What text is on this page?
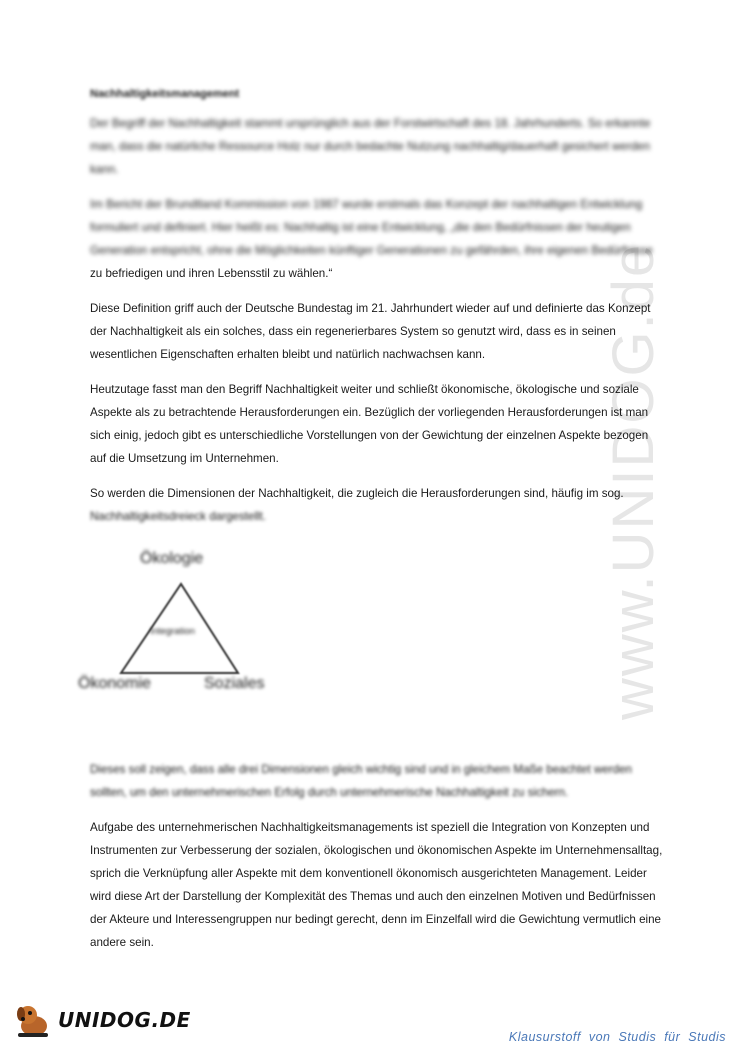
www.UNIDOG.de
Nachhaltigkeitsmanagement

Der Begriff der Nachhaltigkeit stammt ursprünglich aus der Forstwirtschaft des 18. Jahrhunderts. So erkannte man, dass die natürliche Ressource Holz nur durch bedachte Nutzung nachhaltig/dauerhaft gesichert werden kann.

Im Bericht der Brundtland Kommission von 1987 wurde erstmals das Konzept der nachhaltigen Entwicklung formuliert und definiert. Hier heißt es: Nachhaltig ist eine Entwicklung, „die den Bedürfnissen der heutigen Generation entspricht, ohne die Möglichkeiten künftiger Generationen zu gefährden, ihre eigenen Bedürfnisse zu befriedigen und ihren Lebensstil zu wählen.“

Diese Definition griff auch der Deutsche Bundestag im 21. Jahrhundert wieder auf und definierte das Konzept der Nachhaltigkeit als ein solches, dass ein regenerierbares System so genutzt wird, dass es in seinen wesentlichen Eigenschaften erhalten bleibt und natürlich nachwachsen kann.

Heutzutage fasst man den Begriff Nachhaltigkeit weiter und schließt ökonomische, ökologische und soziale Aspekte als zu betrachtende Herausforderungen ein. Bezüglich der vorliegenden Herausforderungen ist man sich einig, jedoch gibt es unterschiedliche Vorstellungen von der Gewichtung der einzelnen Aspekte bezogen auf die Umsetzung im Unternehmen.

So werden die Dimensionen der Nachhaltigkeit, die zugleich die Herausforderungen sind, häufig im sog. Nachhaltigkeitsdreieck dargestellt.

Ökologie
Integration
Ökonomie	Soziales

Dieses soll zeigen, dass alle drei Dimensionen gleich wichtig sind und in gleichem Maße beachtet werden sollten, um den unternehmerischen Erfolg durch unternehmerische Nachhaltigkeit zu sichern.

Aufgabe des unternehmerischen Nachhaltigkeitsmanagements ist speziell die Integration von Konzepten und Instrumenten zur Verbesserung der sozialen, ökologischen und ökonomischen Aspekte im Unternehmensalltag, sprich die Verknüpfung aller Aspekte mit dem konventionell ökonomisch ausgerichteten Management. Leider wird diese Art der Darstellung der Komplexität des Themas und auch den einzelnen Motiven und Bedürfnissen der Akteure und Interessengruppen nur bedingt gerecht, denn im Einzelfall wird die Gewichtung vermutlich eine andere sein.

UNIDOG.DE
Klausurstoff von Studis für Studis
